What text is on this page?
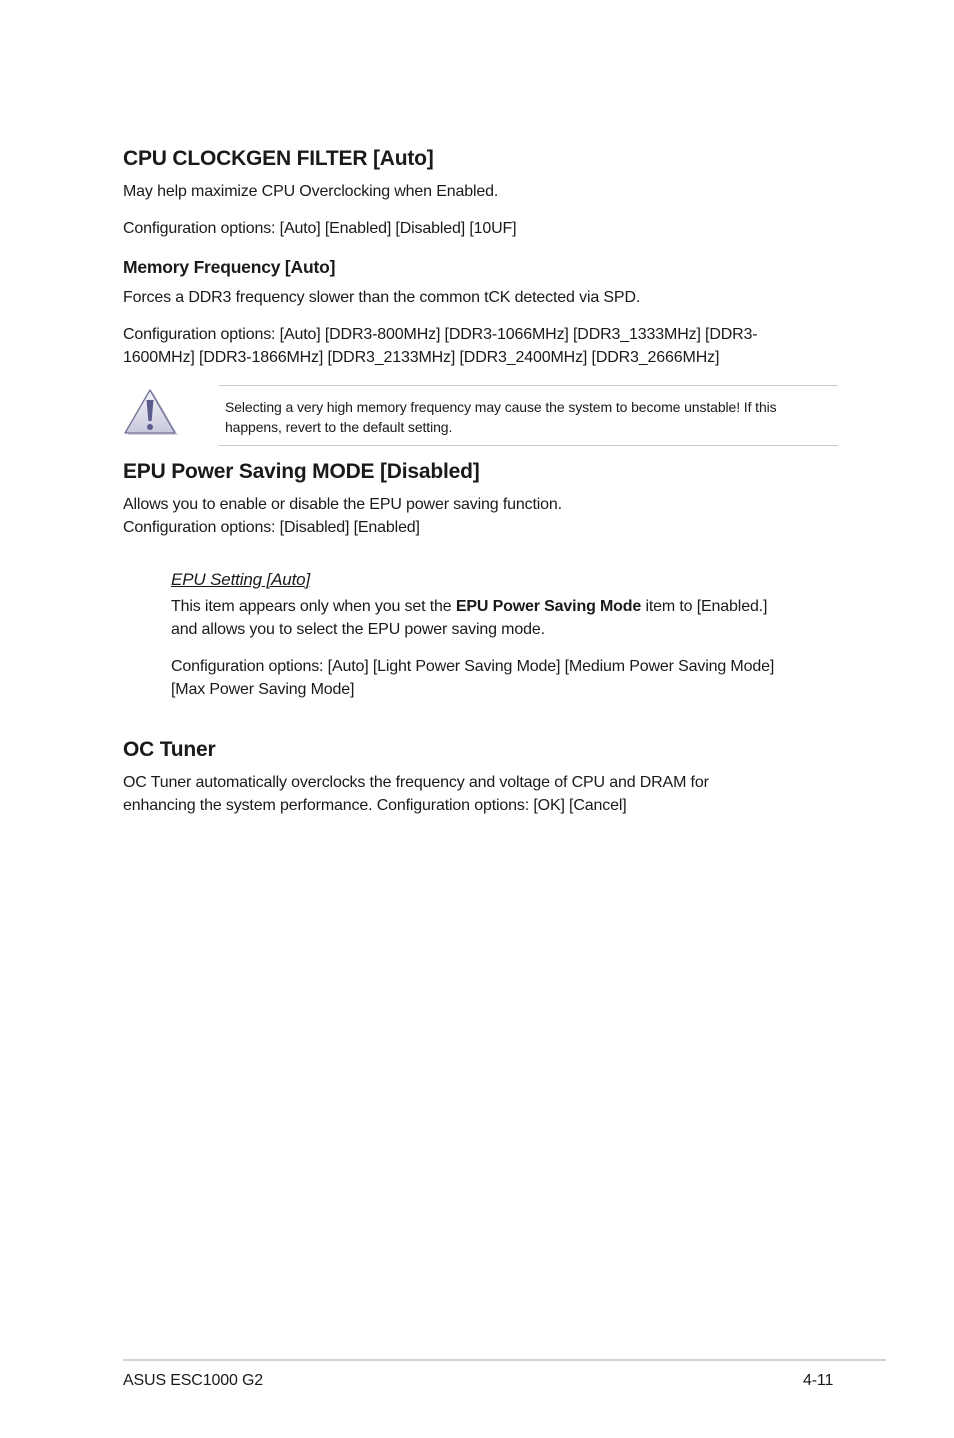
CPU CLOCKGEN FILTER [Auto]
May help maximize CPU Overclocking when Enabled.
Configuration options: [Auto] [Enabled] [Disabled] [10UF]
Memory Frequency [Auto]
Forces a DDR3 frequency slower than the common tCK detected via SPD.
Configuration options: [Auto] [DDR3-800MHz] [DDR3-1066MHz] [DDR3_1333MHz] [DDR3-
1600MHz] [DDR3-1866MHz] [DDR3_2133MHz] [DDR3_2400MHz] [DDR3_2666MHz]
Selecting a very high memory frequency may cause the system to become unstable! If this
happens, revert to the default setting.
EPU Power Saving MODE [Disabled]
Allows you to enable or disable the EPU power saving function.
Configuration options: [Disabled] [Enabled]
EPU Setting [Auto]
This item appears only when you set the EPU Power Saving Mode item to [Enabled.]
and allows you to select the EPU power saving mode.
Configuration options: [Auto] [Light Power Saving Mode] [Medium Power Saving Mode]
[Max Power Saving Mode]
OC Tuner
OC Tuner automatically overclocks the frequency and voltage of CPU and DRAM for
enhancing the system performance. Configuration options: [OK] [Cancel]
ASUS ESC1000 G2	4-11
